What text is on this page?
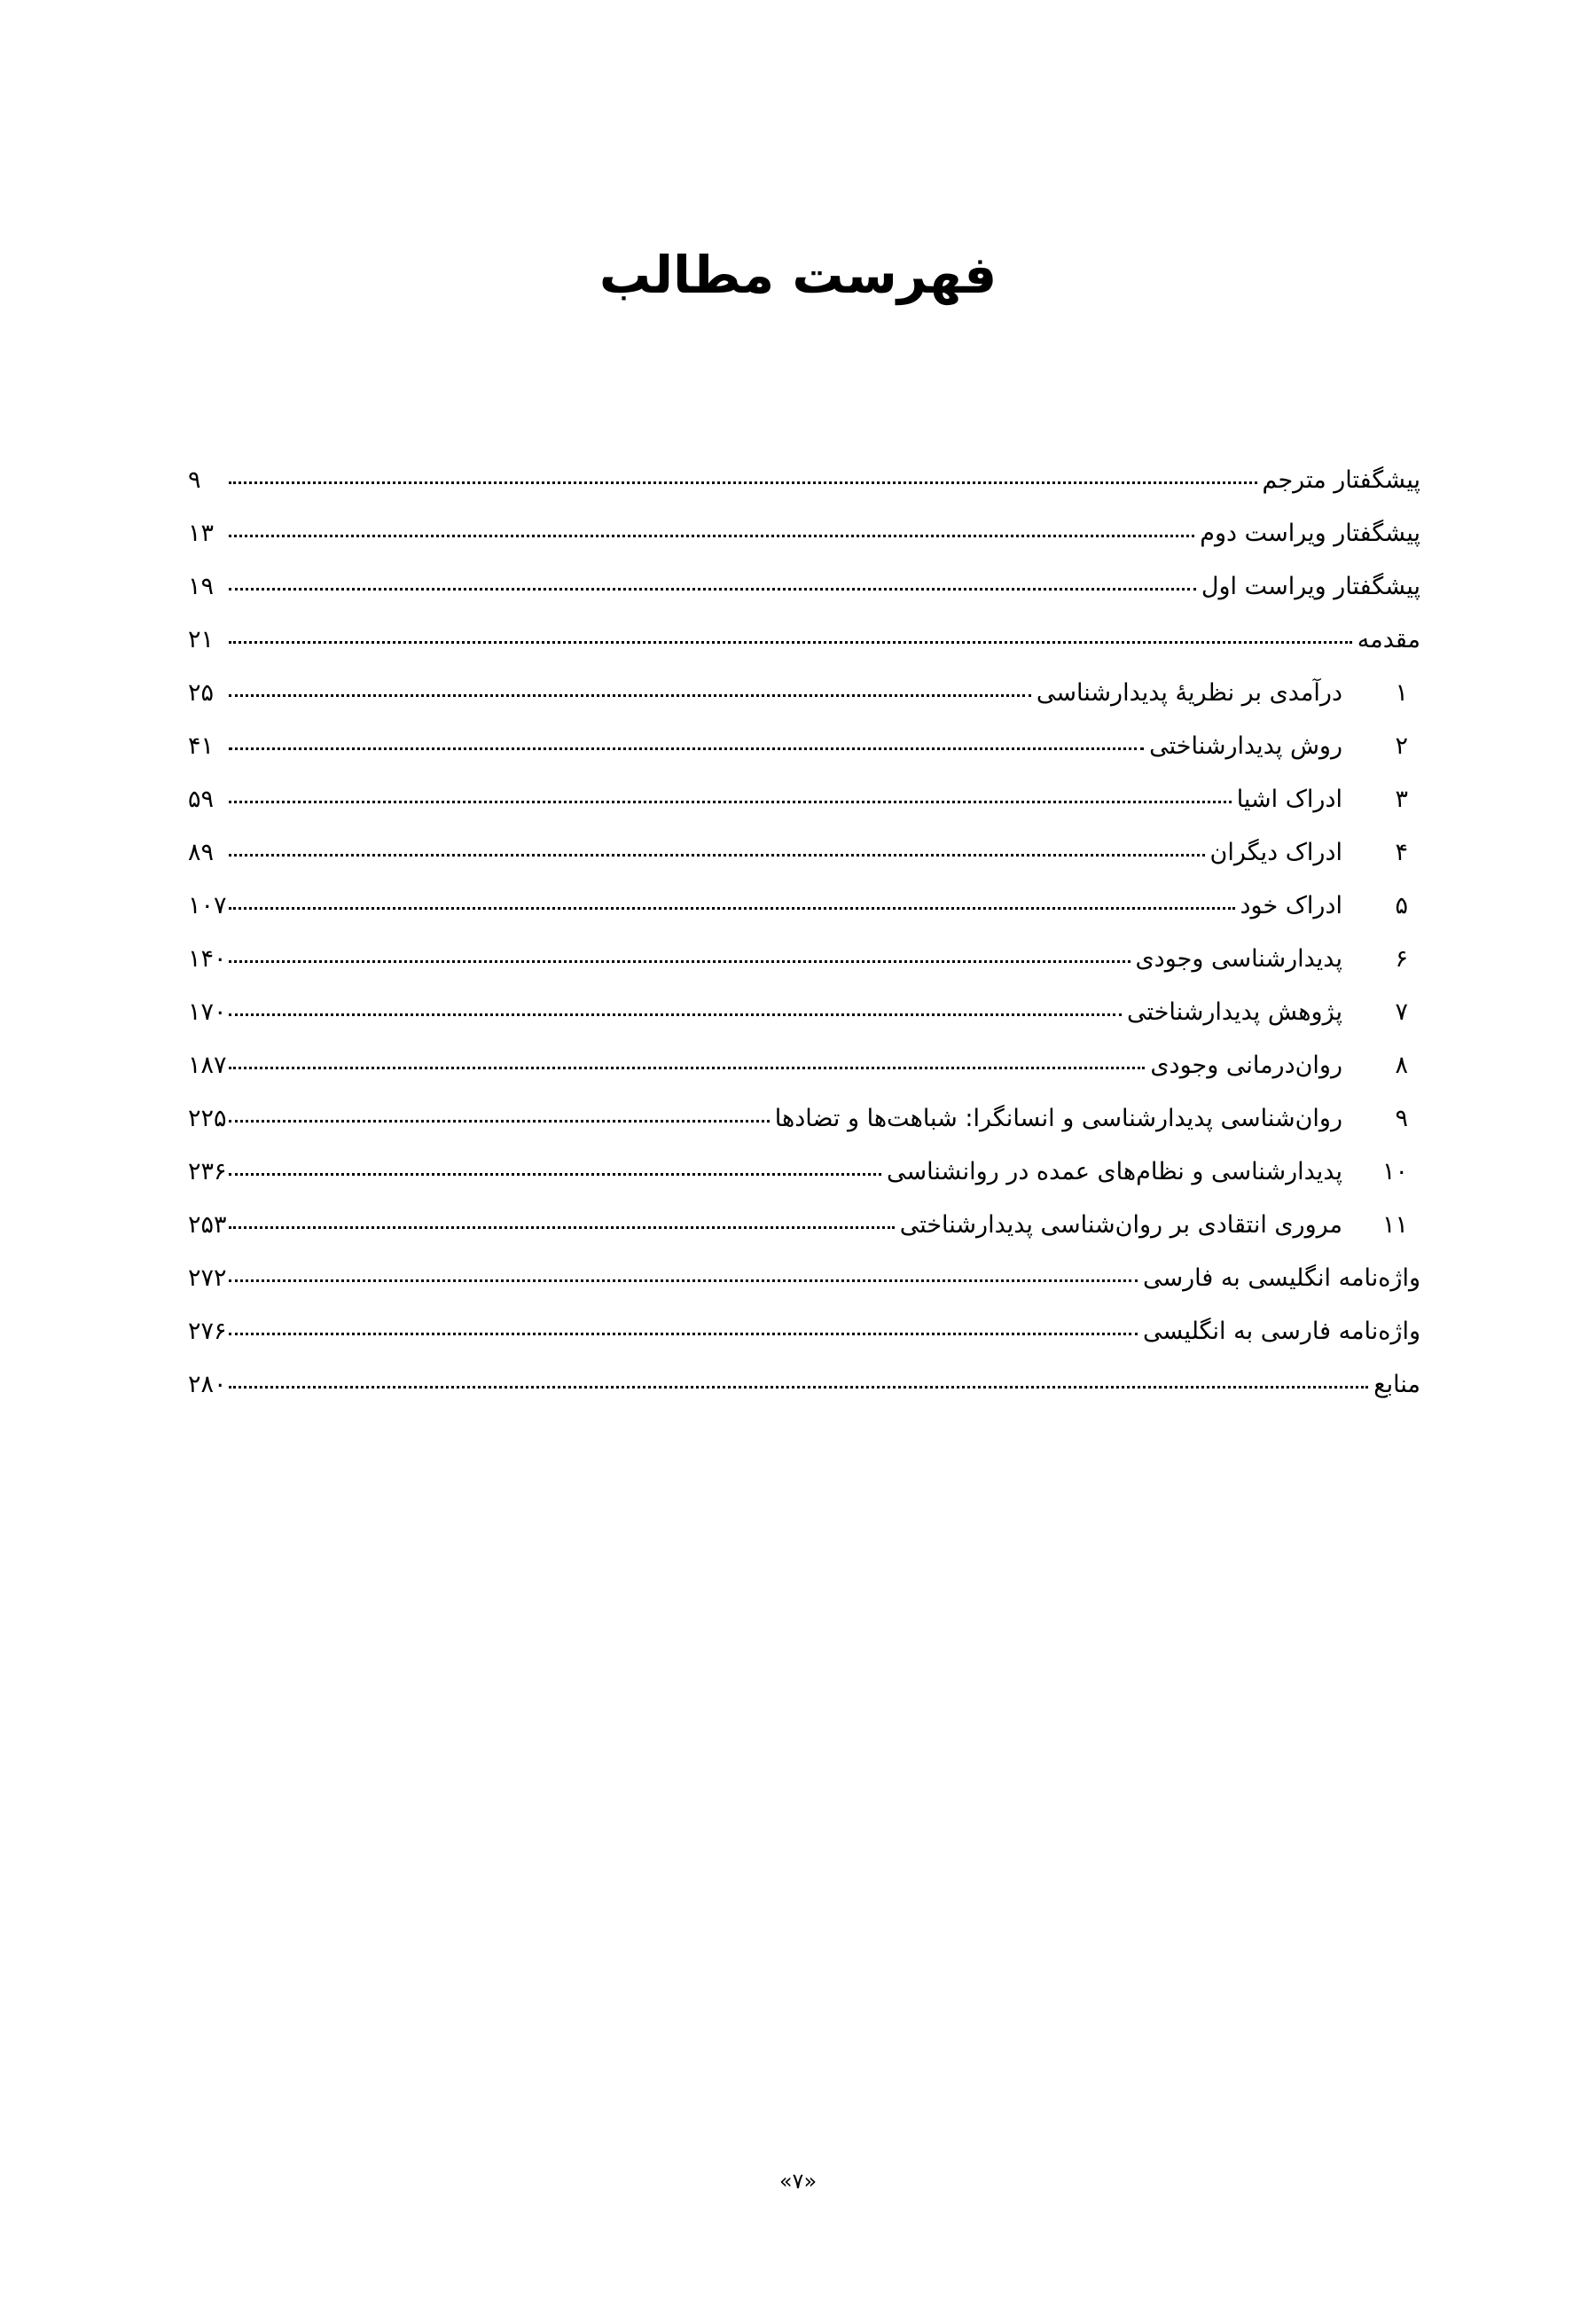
فهرست مطالب
پیشگفتار مترجم
۹
پیشگفتار ویراست دوم
۱۳
پیشگفتار ویراست اول
۱۹
مقدمه
۲۱
۱
درآمدی بر نظریهٔ پدیدارشناسی
۲۵
۲
روش پدیدارشناختی
۴۱
۳
ادراک اشیا
۵۹
۴
ادراک دیگران
۸۹
۵
ادراک خود
۱۰۷
۶
پدیدارشناسی وجودی
۱۴۰
۷
پژوهش پدیدارشناختی
۱۷۰
۸
روان‌درمانی وجودی
۱۸۷
۹
روان‌شناسی پدیدارشناسی و انسانگرا: شباهت‌ها و تضادها
۲۲۵
۱۰
پدیدارشناسی و نظام‌های عمده در روانشناسی
۲۳۶
۱۱
مروری انتقادی بر روان‌شناسی پدیدارشناختی
۲۵۳
واژه‌نامه انگلیسی به فارسی
۲۷۲
واژه‌نامه فارسی به انگلیسی
۲۷۶
منابع
۲۸۰
«۷»
